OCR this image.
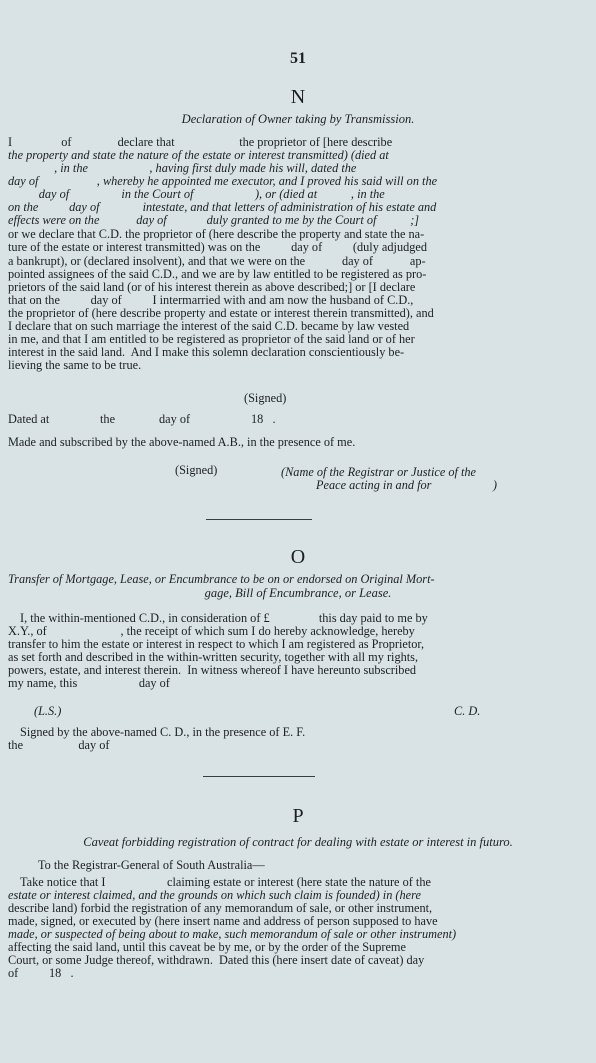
51
N
Declaration of Owner taking by Transmission.
I                of               declare that                     the proprietor of [here describe
the property and state the nature of the estate or interest transmitted) (died at
, in the                    , having first duly made his will, dated the
day of                   , whereby he appointed me executor, and I proved his said will on the
day of                 in the Court of                    ), or (died at           , in the
on the          day of              intestate, and that letters of administration of his estate and
effects were on the            day of             duly granted to me by the Court of           ;]
or we declare that C.D. the proprietor of (here describe the property and state the na-
ture of the estate or interest transmitted) was on the          day of          (duly adjudged
a bankrupt), or (declared insolvent), and that we were on the            day of            ap-
pointed assignees of the said C.D., and we are by law entitled to be registered as pro-
prietors of the said land (or of his interest therein as above described;] or [I declare
that on the          day of          I intermarried with and am now the husband of C.D.,
the proprietor of (here describe property and estate or interest therein transmitted), and
I declare that on such marriage the interest of the said C.D. became by law vested
in me, and that I am entitled to be registered as proprietor of the said land or of her
interest in the said land.  And I make this solemn declaration conscientiously be-
lieving the same to be true.
(Signed)
Dated at	the	day of	18   .
Made and subscribed by the above-named A.B., in the presence of me.
(Signed)	(Name of the Registrar or Justice of the
Peace acting in and for                    )
O
Transfer of Mortgage, Lease, or Encumbrance to be on or endorsed on Original Mort-
gage, Bill of Encumbrance, or Lease.
I, the within-mentioned C.D., in consideration of £                this day paid to me by
X.Y., of                        , the receipt of which sum I do hereby acknowledge, hereby
transfer to him the estate or interest in respect to which I am registered as Proprietor,
as set forth and described in the within-written security, together with all my rights,
powers, estate, and interest therein.  In witness whereof I have hereunto subscribed
my name, this                    day of
(L.S.)	C. D.
Signed by the above-named C. D., in the presence of E. F.
the                  day of
P
Caveat forbidding registration of contract for dealing with estate or interest in futuro.
To the Registrar-General of South Australia—
Take notice that I                    claiming estate or interest (here state the nature of the
estate or interest claimed, and the grounds on which such claim is founded) in (here
describe land) forbid the registration of any memorandum of sale, or other instrument,
made, signed, or executed by (here insert name and address of person supposed to have
made, or suspected of being about to make, such memorandum of sale or other instrument)
affecting the said land, until this caveat be by me, or by the order of the Supreme
Court, or some Judge thereof, withdrawn.  Dated this (here insert date of caveat) day
of          18   .
